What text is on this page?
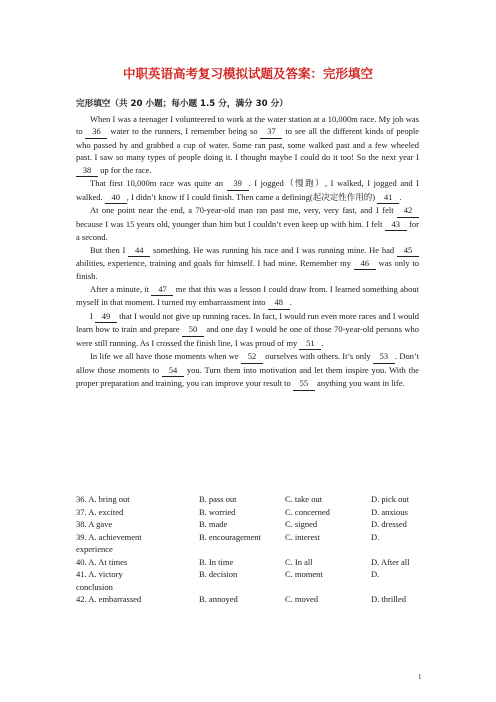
中职英语高考复习模拟试题及答案：完形填空
完形填空（共 20 小题；每小题 1.5 分，满分 30 分）

When I was a teenager I volunteered to work at the water station at a 10,000m race. My job was to 36 water to the runners, I remember being so 37 to see all the different kinds of people who passed by and grabbed a cup of water. Some ran past, some walked past and a few wheeled past. I saw so many types of people doing it. I thought maybe I could do it too! So the next year I 38 up for the race.

That first 10,000m race was quite an 39 . I jogged（慢跑）, I walked, I jogged and I walked. 40 , I didn’t know if I could finish. Then came a defining(起决定性作用的) 41 .

At one point near the end, a 70-year-old man ran past me, very, very fast, and I felt 42 because I was 15 years old, younger than him but I couldn’t even keep up with him. I felt 43 for a second.

But then I 44 something. He was running his race and I was running mine. He had 45 abilities, experience, training and goals for himself. I had mine. Remember my 46 was only to finish.

After a minute, it 47 me that this was a lesson I could draw from. I learned something about myself in that moment. I turned my embarrassment into 48 .

I 49 that I would not give up running races. In fact, I would run even more races and I would learn how to train and prepare 50 and one day I would be one of those 70-year-old persons who were still running. As I crossed the finish line, I was proud of my 51 .

In life we all have those moments when we 52 ourselves with others. It’s only 53 . Don’t allow those moments to 54 you. Turn them into motivation and let them inspire you. With the proper preparation and training, you can improve your result to 55 anything you want in life.

36. A. bring out	B. pass out	C. take out	D. pick out
37. A. excited	B. worried	C. concerned	D. anxious
38. A gave	B. made	C. signed	D. dressed
39. A. achievement	B. encouragement	C. interest	D.
experience
40. A. At times	B. In time	C. In all	D. After all
41. A. victory	B. decision	C. moment	D.
conclusion
42. A. embarrassed	B. annoyed	C. moved	D. thrilled
1
